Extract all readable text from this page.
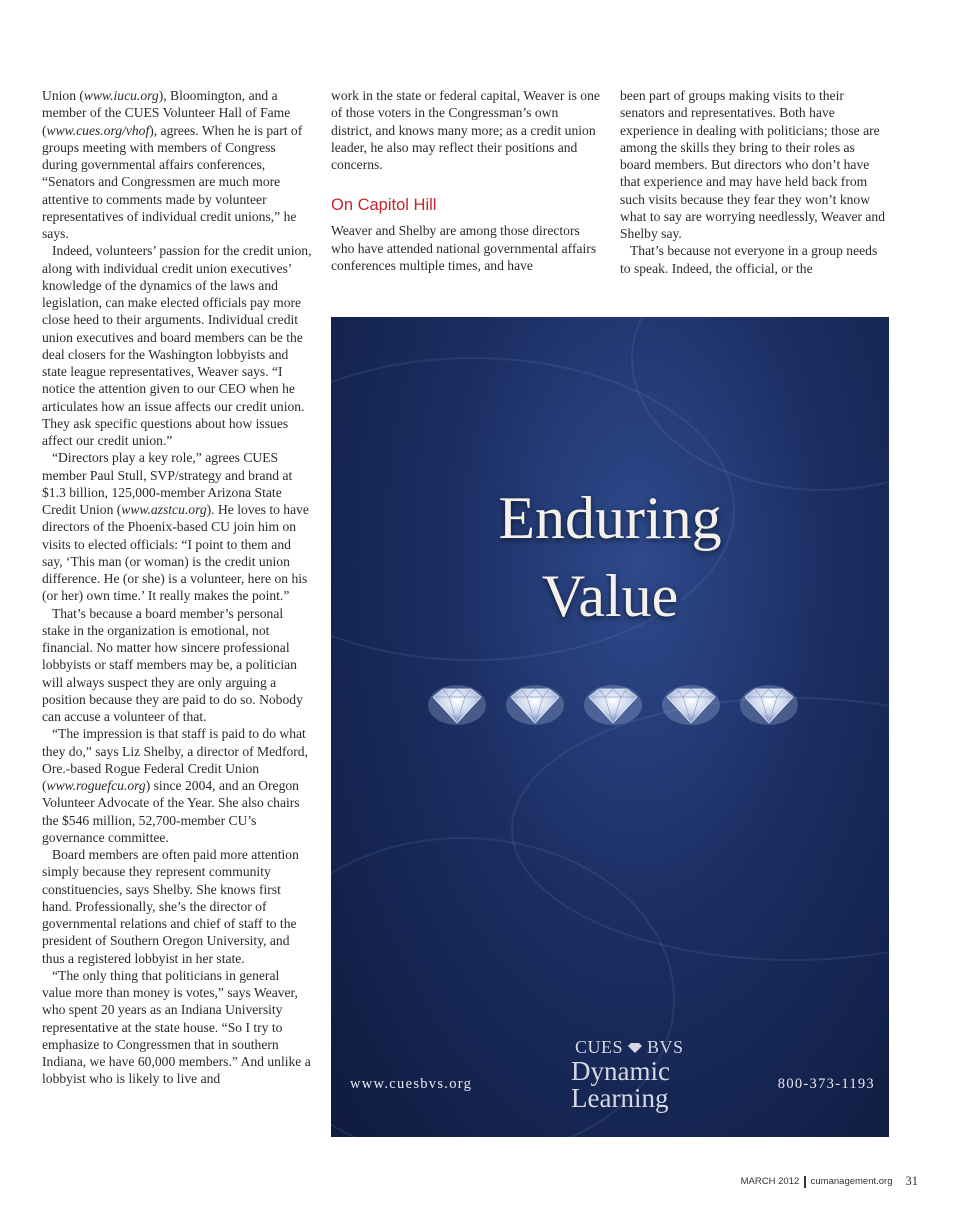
Union (www.iucu.org), Bloomington, and a member of the CUES Volunteer Hall of Fame (www.cues.org/vhof), agrees. When he is part of groups meeting with members of Congress during governmental affairs conferences, “Senators and Congressmen are much more attentive to comments made by volunteer representatives of individual credit unions,” he says.

Indeed, volunteers’ passion for the credit union, along with individual credit union executives’ knowledge of the dynamics of the laws and legislation, can make elected officials pay more close heed to their arguments. Individual credit union executives and board members can be the deal closers for the Washington lobbyists and state league representatives, Weaver says. “I notice the attention given to our CEO when he articulates how an issue affects our credit union. They ask specific questions about how issues affect our credit union.”

“Directors play a key role,” agrees CUES member Paul Stull, SVP/strategy and brand at $1.3 billion, 125,000-member Arizona State Credit Union (www.azstcu.org). He loves to have directors of the Phoenix-based CU join him on visits to elected officials: “I point to them and say, ‘This man (or woman) is the credit union difference. He (or she) is a volunteer, here on his (or her) own time.’ It really makes the point.”

That’s because a board member’s personal stake in the organization is emotional, not financial. No matter how sincere professional lobbyists or staff members may be, a politician will always suspect they are only arguing a position because they are paid to do so. Nobody can accuse a volunteer of that.

“The impression is that staff is paid to do what they do,” says Liz Shelby, a director of Medford, Ore.-based Rogue Federal Credit Union (www.roguefcu.org) since 2004, and an Oregon Volunteer Advocate of the Year. She also chairs the $546 million, 52,700-member CU’s governance committee.

Board members are often paid more attention simply because they represent community constituencies, says Shelby. She knows first hand. Professionally, she’s the director of governmental relations and chief of staff to the president of Southern Oregon University, and thus a registered lobbyist in her state.

“The only thing that politicians in general value more than money is votes,” says Weaver, who spent 20 years as an Indiana University representative at the state house. “So I try to emphasize to Congressmen that in southern Indiana, we have 60,000 members.” And unlike a lobbyist who is likely to live and

work in the state or federal capital, Weaver is one of those voters in the Congressman’s own district, and knows many more; as a credit union leader, he also may reflect their positions and concerns.

On Capitol Hill

Weaver and Shelby are among those directors who have attended national governmental affairs conferences multiple times, and have

been part of groups making visits to their senators and representatives. Both have experience in dealing with politicians; those are among the skills they bring to their roles as board members. But directors who don’t have that experience and may have held back from such visits because they fear they won’t know what to say are worrying needlessly, Weaver and Shelby say.

That’s because not everyone in a group needs to speak. Indeed, the official, or the

Enduring
Value
www.cuesbvs.org
CUES BVS
Dynamic
Learning	800-373-1193
MARCH 2012 cumanagement.org 31
